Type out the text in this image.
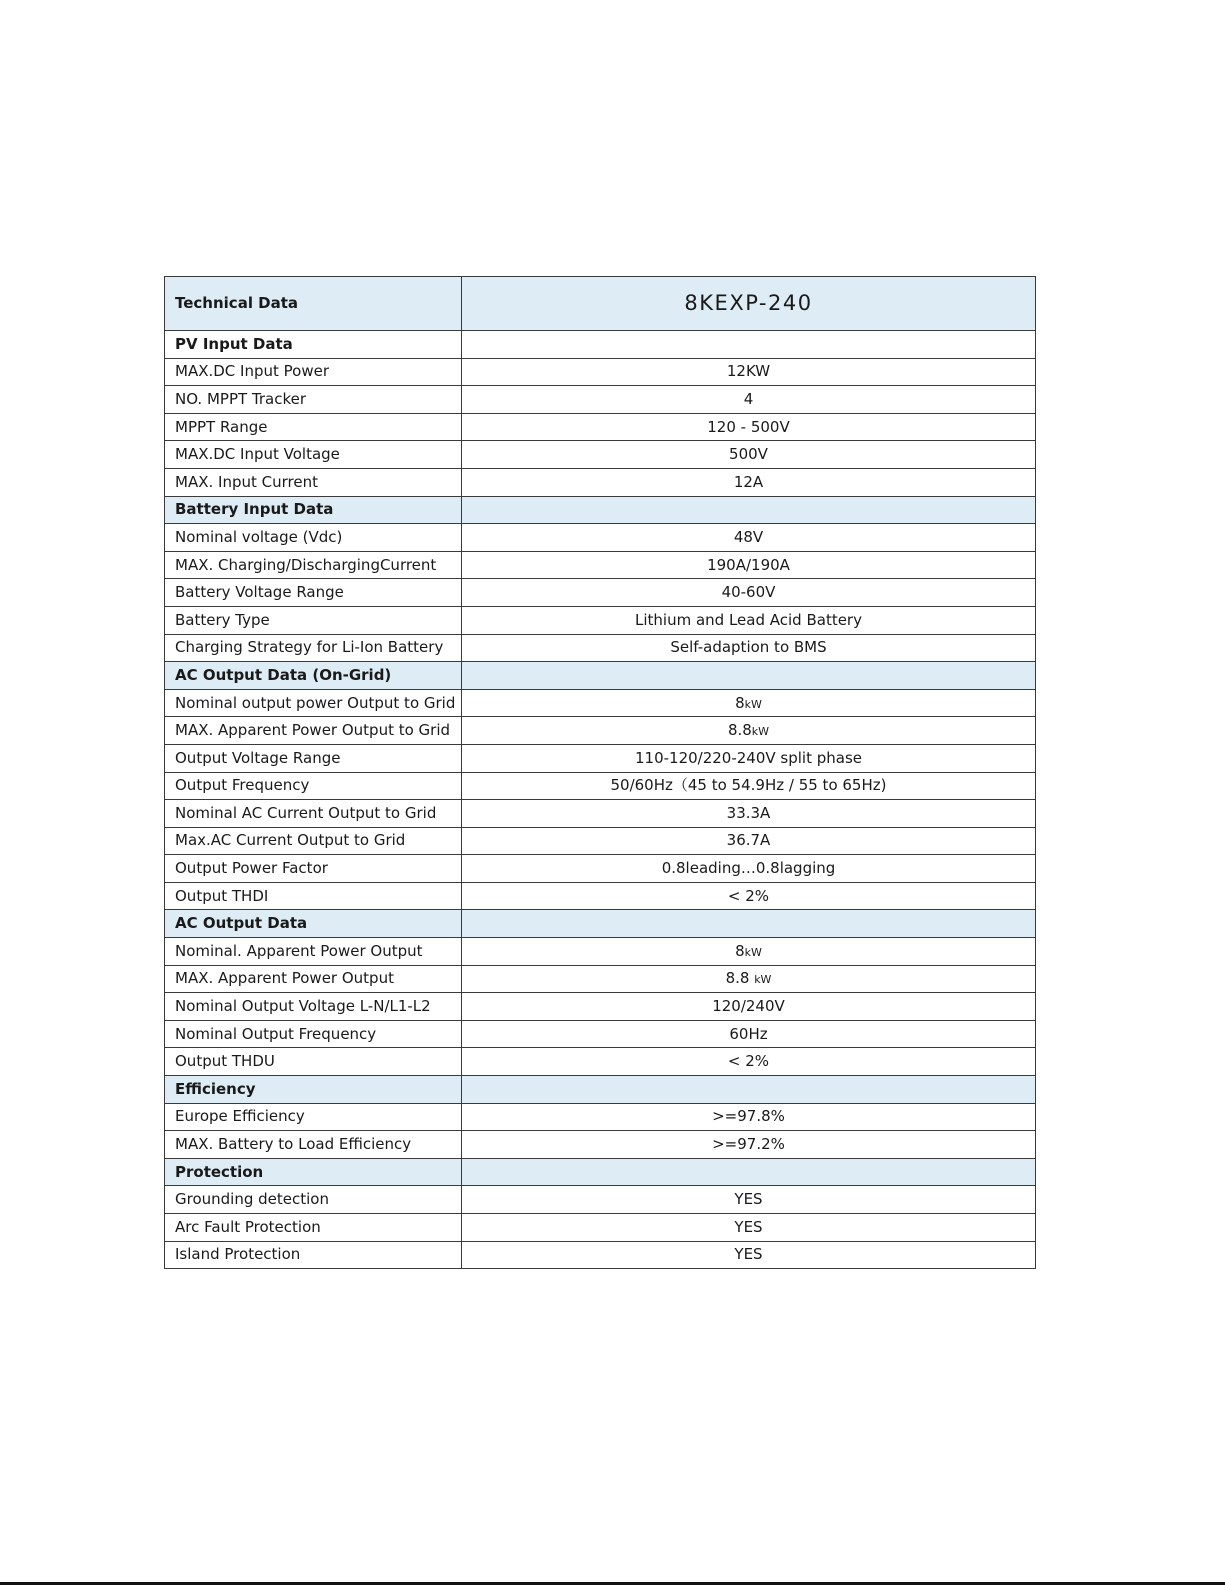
Technical Data	8KEXP-240
PV Input Data	
MAX.DC Input Power	12KW
NO. MPPT Tracker	4
MPPT Range	120 - 500V
MAX.DC Input Voltage	500V
MAX. Input Current	12A
Battery Input Data	
Nominal voltage (Vdc)	48V
MAX. Charging/DischargingCurrent	190A/190A
Battery Voltage Range	40-60V
Battery Type	Lithium and Lead Acid Battery
Charging Strategy for Li-Ion Battery	Self-adaption to BMS
AC Output Data (On-Grid)	
Nominal output power Output to Grid	8kW
MAX. Apparent Power Output to Grid	8.8kW
Output Voltage Range	110-120/220-240V split phase
Output Frequency	50/60Hz（45 to 54.9Hz / 55 to 65Hz)
Nominal AC Current Output to Grid	33.3A
Max.AC Current Output to Grid	36.7A
Output Power Factor	0.8leading…0.8lagging
Output THDI	< 2%
AC Output Data	
Nominal. Apparent Power Output	8kW
MAX. Apparent Power Output	8.8 kW
Nominal Output Voltage L-N/L1-L2	120/240V
Nominal Output Frequency	60Hz
Output THDU	< 2%
Efficiency	
Europe Efficiency	>=97.8%
MAX. Battery to Load Efficiency	>=97.2%
Protection	
Grounding detection	YES
Arc Fault Protection	YES
Island Protection	YES
